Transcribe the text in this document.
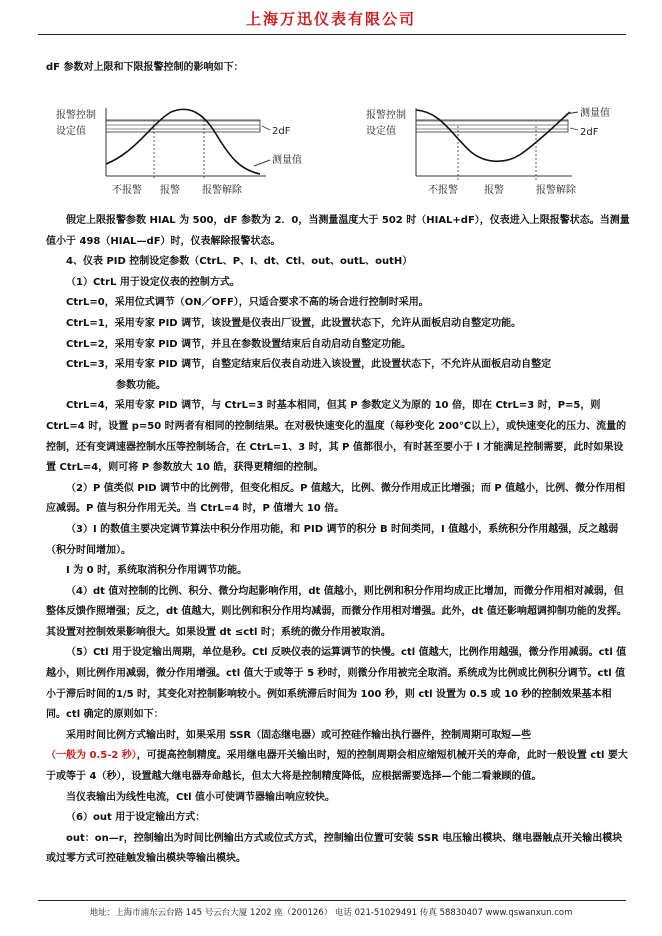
上海万迅仪表有限公司
dF 参数对上限和下限报警控制的影响如下：
报警控制
设定值	2dF
测量值
不报警 报警 报警解除
报警控制
设定值
测量值
2dF
不报警	报警	报警解除

假定上限报警参数 HIAL 为 500，dF 参数为 2．0，当测量温度大于 502 时（HIAL+dF），仪表进入上限报警状态。当测量值小于 498（HIAL—dF）时，仪表解除报警状态。

4、仪表 PID 控制设定参数（CtrL、P、I、dt、Ctl、out、outL、outH）

（1）CtrL 用于设定仪表的控制方式。

CtrL=0，采用位式调节（ON／OFF），只适合要求不高的场合进行控制时采用。

CtrL=1，采用专家 PID 调节，该设置是仪表出厂设置，此设置状态下，允许从面板启动自整定功能。

CtrL=2，采用专家 PID 调节，并且在参数设置结束后自动启动自整定功能。

CtrL=3，采用专家 PID 调节，自整定结束后仪表自动进入该设置，此设置状态下，不允许从面板启动自整定

参数功能。

CtrL=4，采用专家 PID 调节，与 CtrL=3 时基本相同，但其 P 参数定义为原的 10 倍，即在 CtrL=3 时，P=5，则 CtrL=4 时，设置 p=50 时两者有相同的控制结果。在对极快速变化的温度（每秒变化 200℃以上），或快速变化的压力、流量的控制，还有变调速器控制水压等控制场合，在 CtrL=1、3 时，其 P 值都很小，有时甚至要小于 l 才能满足控制需要，此时如果设置 CtrL=4，则可将 P 参数放大 10 皓，获得更精细的控制。

（2）P 值类似 PID 调节中的比例带，但变化相反。P 值越大，比例、微分作用成正比增强；而 P 值越小，比例、微分作用相应减弱。P 值与积分作用无关。当 CtrL=4 时，P 值增大 10 倍。

（3）I 的数值主要决定调节算法中积分作用功能，和 PID 调节的积分 B 时间类同，I 值越小，系统积分作用越强，反之越弱（积分时间增加）。

I 为 0 时，系统取消积分作用调节功能。

（4）dt 值对控制的比例、积分、微分均起影响作用，dt 值越小，则比例和积分作用均成正比增加，而微分作用相对减弱，但整体反馈作照增强；反之，dt 值越大，则比例和积分作用均减弱，而微分作用相对增强。此外，dt 值还影响超调抑制功能的发挥。其设置对控制效果影响很大。如果设置 dt ≤ctl 时；系统的微分作用被取消。

（5）Ctl 用于设定输出周期，单位是秒。Ctl 反映仪表的运算调节的快慢。ctl 值越大，比例作用越强，微分作用减弱。ctl 值越小，则比例作用减弱，微分作用增强。ctl 值大于或等于 5 秒时，则微分作用被完全取消。系统成为比例或比例积分调节。ctl 值小于滞后时间的1/5 时，其变化对控制影响较小。例如系统滞后时间为 100 秒，则 ctl 设置为 0.5 或 10 秒的控制效果基本相同。ctl 确定的原则如下：

采用时间比例方式输出时，如果采用 SSR（固态继电器）或可控硅作输出执行器件，控制周期可取短—些

（一般为 0.5-2 秒），可提高控制精度。采用继电器开关输出时，短的控制周期会相应缩短机械开关的寿命，此时一般设置 ctl 要大于或等于 4（秒），设置越大继电器寿命越长，但太大将是控制精度降低，应根据需要选择—个能二看兼顾的值。

当仪表输出为线性电流，Ctl 值小可使调节器输出响应较快。

（6）out 用于设定输出方式：

out：on—r，控制输出为时间比例输出方式或位式方式，控制输出位置可安装 SSR 电压输出模块、继电器触点开关输出模块或过零方式可控硅触发输出模块等输出模块。

地址：上海市浦东云台路 145 号云台大厦 1202 座（200126） 电话 021-51029491 传真 58830407 www.qswanxun.com
